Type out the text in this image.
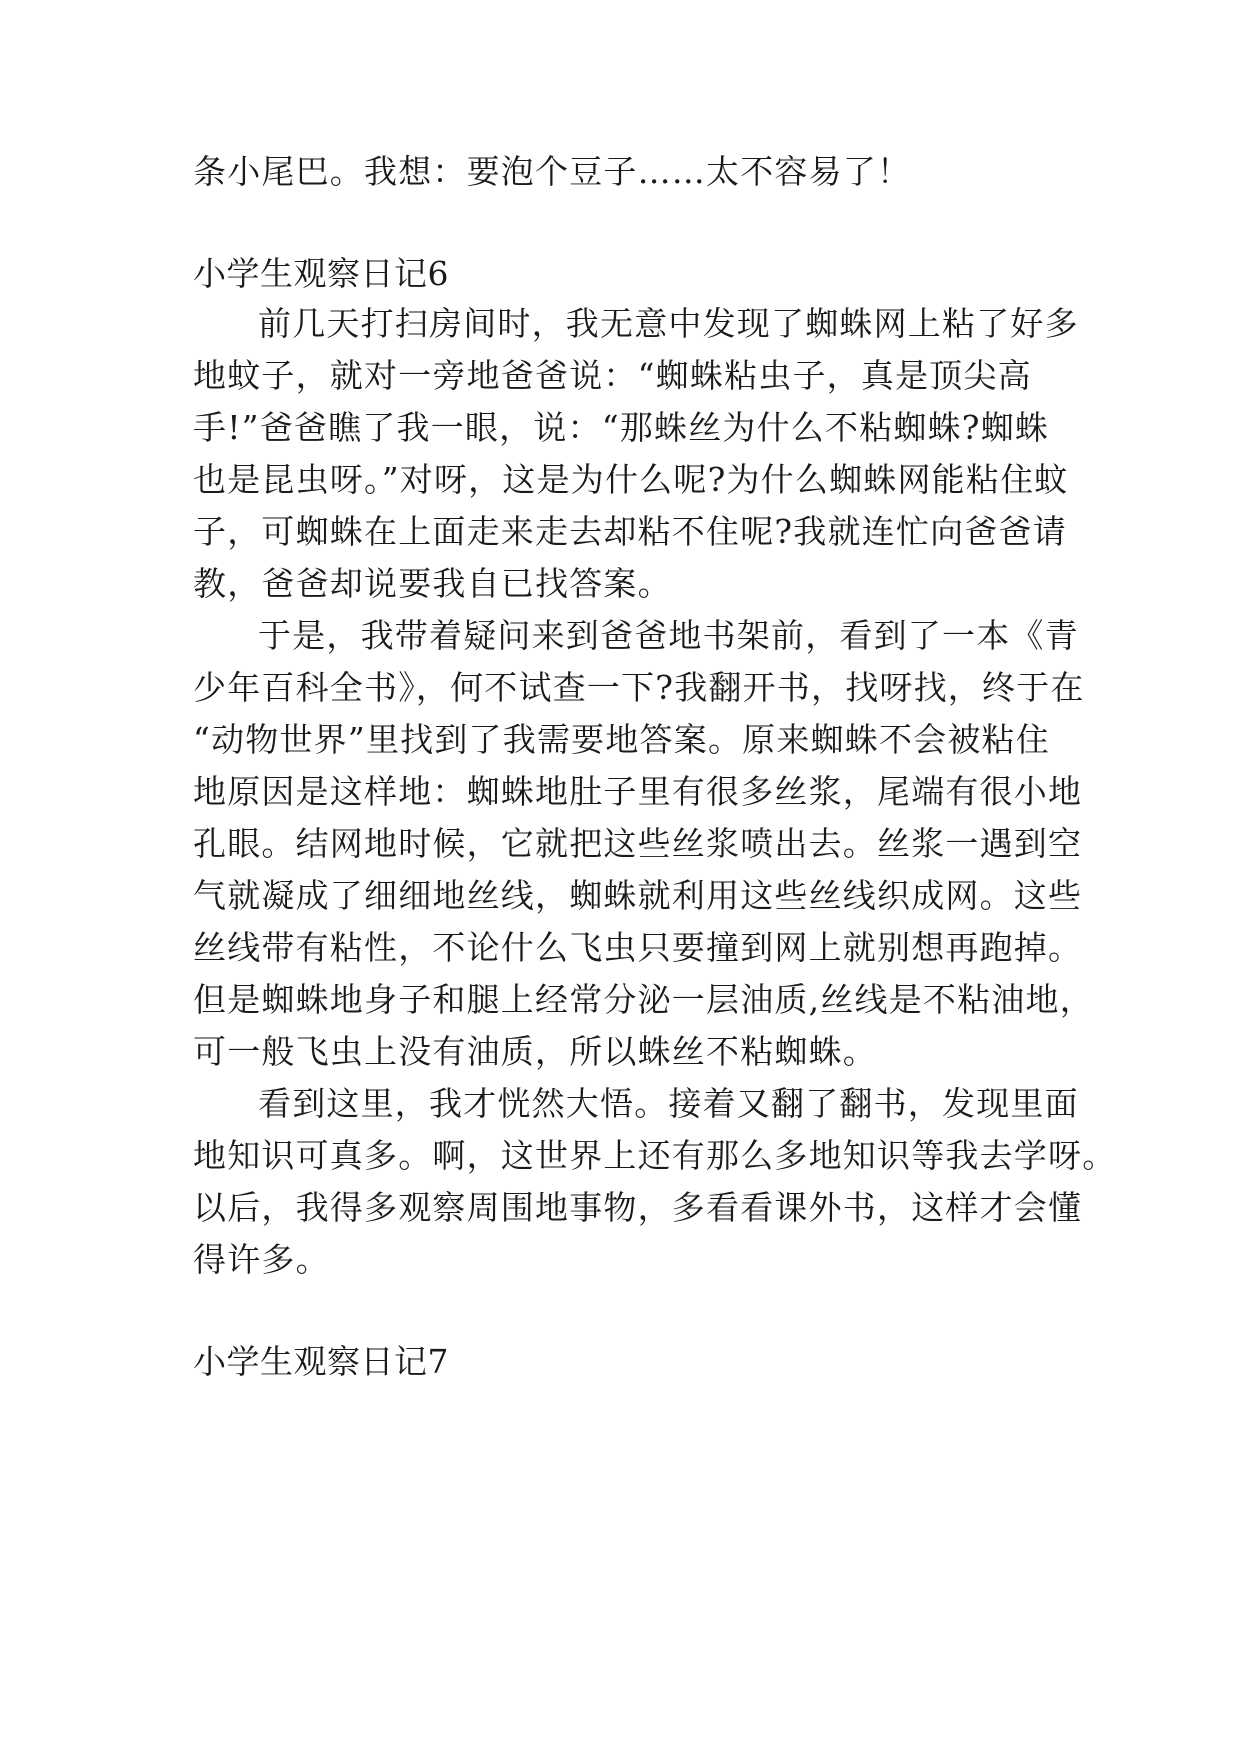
条小尾巴。我想：要泡个豆子……太不容易了！
小学生观察日记6
前几天打扫房间时，我无意中发现了蜘蛛网上粘了好多
地蚊子，就对一旁地爸爸说：“蜘蛛粘虫子，真是顶尖高
手!”爸爸瞧了我一眼，说：“那蛛丝为什么不粘蜘蛛?蜘蛛
也是昆虫呀。”对呀，这是为什么呢?为什么蜘蛛网能粘住蚊
子，可蜘蛛在上面走来走去却粘不住呢?我就连忙向爸爸请
教，爸爸却说要我自已找答案。
于是，我带着疑问来到爸爸地书架前，看到了一本《青
少年百科全书》，何不试查一下?我翻开书，找呀找，终于在
“动物世界”里找到了我需要地答案。原来蜘蛛不会被粘住
地原因是这样地：蜘蛛地肚子里有很多丝浆，尾端有很小地
孔眼。结网地时候，它就把这些丝浆喷出去。丝浆一遇到空
气就凝成了细细地丝线，蜘蛛就利用这些丝线织成网。这些
丝线带有粘性，不论什么飞虫只要撞到网上就别想再跑掉。
但是蜘蛛地身子和腿上经常分泌一层油质,丝线是不粘油地，
可一般飞虫上没有油质，所以蛛丝不粘蜘蛛。
看到这里，我才恍然大悟。接着又翻了翻书，发现里面
地知识可真多。啊，这世界上还有那么多地知识等我去学呀。
以后，我得多观察周围地事物，多看看课外书，这样才会懂
得许多。
小学生观察日记7
